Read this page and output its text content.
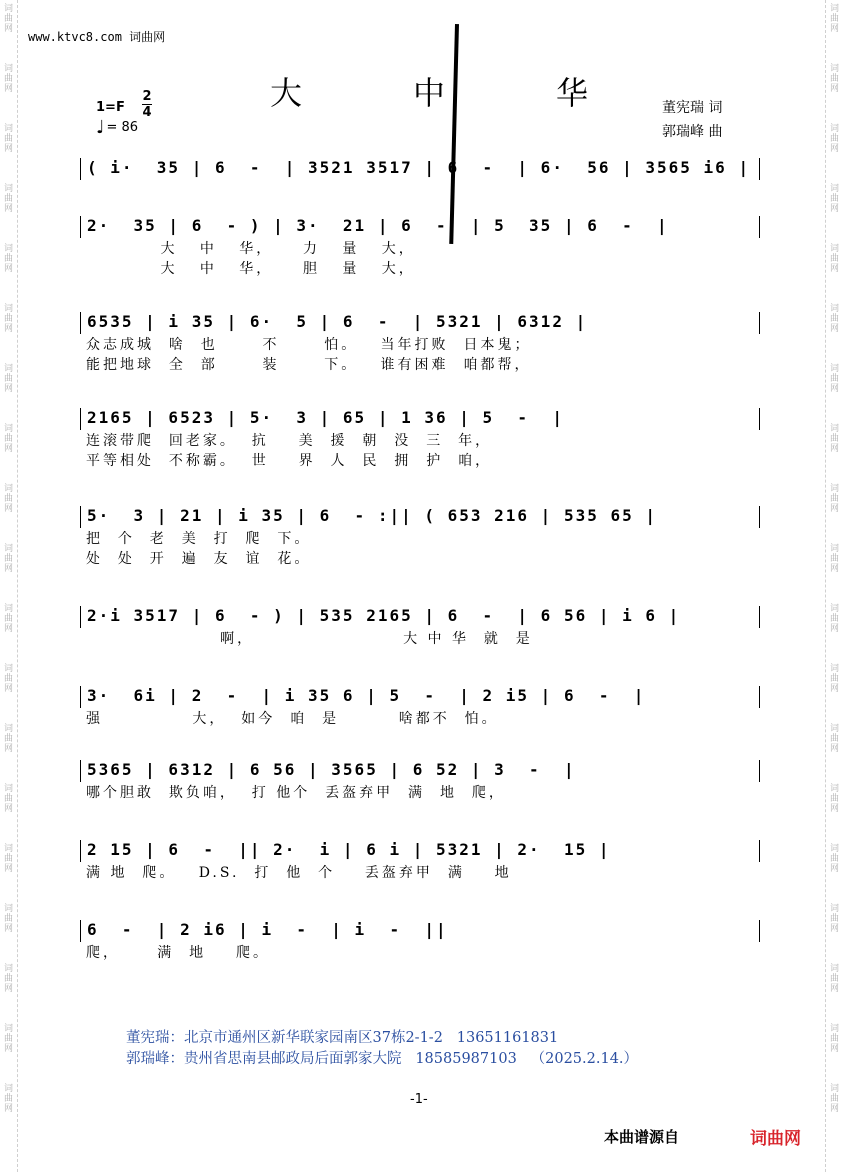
词曲网
词曲网
词曲网
词曲网
词曲网
词曲网
词曲网
词曲网
词曲网
词曲网
词曲网
词曲网
词曲网
词曲网
词曲网
词曲网
词曲网
词曲网
词曲网
词曲网
词曲网
词曲网
词曲网
词曲网
词曲网
词曲网
词曲网
词曲网
词曲网
词曲网
词曲网
词曲网
词曲网
词曲网
词曲网
词曲网
词曲网
词曲网
www.ktvc8.com 词曲网
大	中	华
1=F
2
4
♩ = 86
董宪瑞 词
郭瑞峰 曲
( i·  35 | 6  -  | 3521 3517 | 6  -  | 6·  56 | 3565 i6 |
2·  35 | 6  - ) | 3·  21 | 6  -  | 5  35 | 6  -  |
大   中   华，    力   量   大，
大   中   华，    胆   量   大，
6535 | i 35 | 6·  5 | 6  -  | 5321 | 6312 |
众志成城  啥  也      不      怕。   当年打败  日本鬼；
能把地球  全  部      装      下。   谁有困难  咱都帮，
2165 | 6523 | 5·  3 | 65 | 1 36 | 5  -  |
连滚带爬  回老家。  抗    美  援  朝  没  三  年，
平等相处  不称霸。  世    界  人  民  拥  护  咱，
5·  3 | 21 | i 35 | 6  - :|| ( 653 216 | 535 65 |
把  个  老  美  打  爬  下。
处  处  开  遍  友  谊  花。
2·i 3517 | 6  - ) | 535 2165 | 6  -  | 6 56 | i 6 |
啊，                    大 中 华  就  是
3·  6i | 2  -  | i 35 6 | 5  -  | 2 i5 | 6  -  |
强            大，  如今  咱  是        啥都不  怕。
5365 | 6312 | 6 56 | 3565 | 6 52 | 3  -  |
哪个胆敢  欺负咱，  打 他个  丢盔弃甲  满  地  爬，
2 15 | 6  -  || 2·  i | 6 i | 5321 | 2·  15 |
满 地  爬。   D.S.  打  他  个    丢盔弃甲  满    地
6  -  | 2 i6 | i  -  | i  -  ||
爬，     满  地    爬。
董宪瑞：北京市通州区新华联家园南区37栋2-1-2   13651161831
郭瑞峰：贵州省思南县邮政局后面郭家大院   18585987103   （2025.2.14.）
-1-
本曲谱源自	词曲网
